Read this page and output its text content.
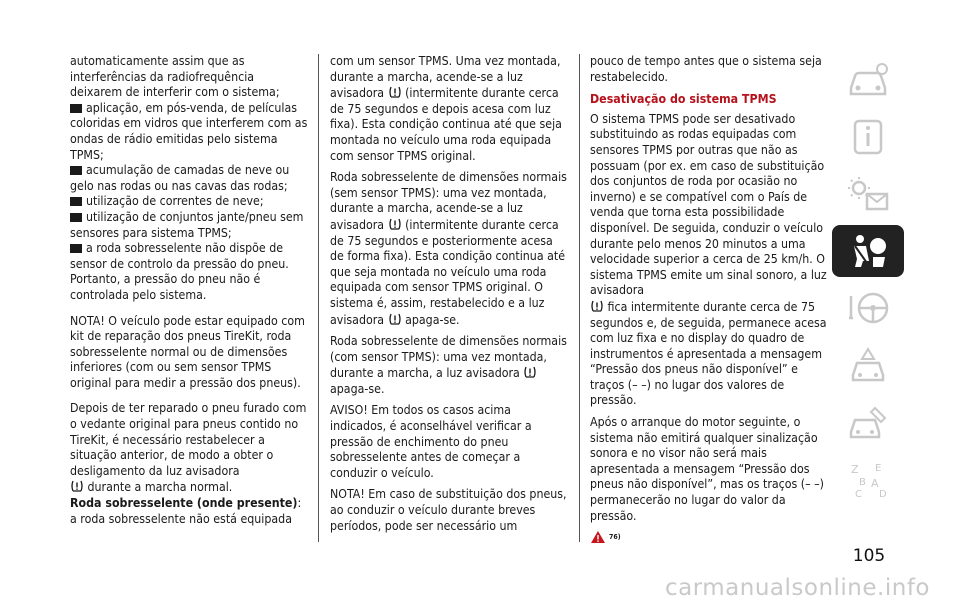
automaticamente assim que as interferências da radiofrequência deixarem de interferir com o sistema;

aplicação, em pós-venda, de películas coloridas em vidros que interferem com as ondas de rádio emitidas pelo sistema TPMS;
acumulação de camadas de neve ou gelo nas rodas ou nas cavas das rodas;
utilização de correntes de neve;
utilização de conjuntos jante/pneu sem sensores para sistema TPMS;
a roda sobresselente não dispõe de sensor de controlo da pressão do pneu. Portanto, a pressão do pneu não é controlada pelo sistema.

NOTA! O veículo pode estar equipado com kit de reparação dos pneus TireKit, roda sobresselente normal ou de dimensões inferiores (com ou sem sensor TPMS original para medir a pressão dos pneus).

Depois de ter reparado o pneu furado com o vedante original para pneus contido no TireKit, é necessário restabelecer a situação anterior, de modo a obter o desligamento da luz avisadora

durante a marcha normal.

Roda sobresselente (onde presente): a roda sobresselente não está equipada

com um sensor TPMS. Uma vez montada, durante a marcha, acende-se a luz avisadora
(intermitente durante cerca de 75 segundos e depois acesa com luz fixa). Esta condição continua até que seja montada no veículo uma roda equipada com sensor TPMS original.

Roda sobresselente de dimensões normais (sem sensor TPMS): uma vez montada, durante a marcha, acende-se a luz avisadora
(intermitente durante cerca de 75 segundos e posteriormente acesa de forma fixa). Esta condição continua até que seja montada no veículo uma roda equipada com sensor TPMS original. O sistema é, assim, restabelecido e a luz avisadora
apaga-se.

Roda sobresselente de dimensões normais (com sensor TPMS): uma vez montada, durante a marcha, a luz avisadora
apaga-se.

AVISO! Em todos os casos acima indicados, é aconselhável verificar a pressão de enchimento do pneu sobresselente antes de começar a conduzir o veículo.

NOTA! Em caso de substituição dos pneus, ao conduzir o veículo durante breves períodos, pode ser necessário um

pouco de tempo antes que o sistema seja restabelecido.

Desativação do sistema TPMS

O sistema TPMS pode ser desativado substituindo as rodas equipadas com sensores TPMS por outras que não as possuam (por ex. em caso de substituição dos conjuntos de roda por ocasião no inverno) e se compatível com o País de venda que torna esta possibilidade disponível. De seguida, conduzir o veículo durante pelo menos 20 minutos a uma velocidade superior a cerca de 25 km/h. O sistema TPMS emite um sinal sonoro, a luz avisadora

fica intermitente durante cerca de 75 segundos e, de seguida, permanece acesa com luz fixa e no display do quadro de instrumentos é apresentada a mensagem “Pressão dos pneus não disponível” e traços (– –) no lugar dos valores de pressão.

Após o arranque do motor seguinte, o sistema não emitirá qualquer sinalização sonora e no visor não será mais apresentada a mensagem “Pressão dos pneus não disponível”, mas os traços (– –) permanecerão no lugar do valor da pressão.

$^{76)}$
Z E
B A
C D
105
carmanualsonline.info
